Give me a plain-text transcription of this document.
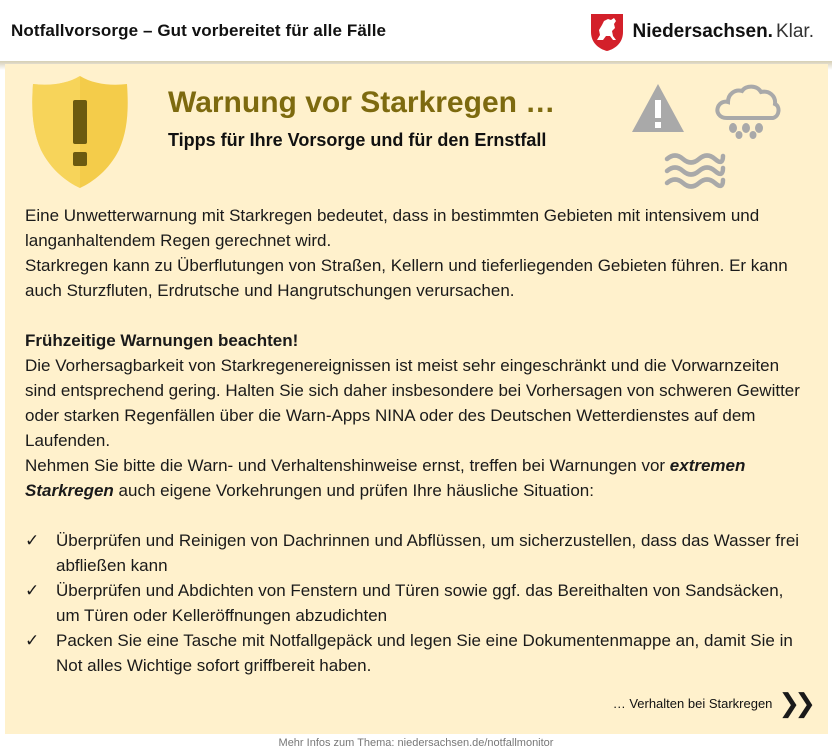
Notfallvorsorge – Gut vorbereitet für alle Fälle	Niedersachsen. Klar.
Warnung vor Starkregen …
Tipps für Ihre Vorsorge und für den Ernstfall

Eine Unwetterwarnung mit Starkregen bedeutet, dass in bestimmten Gebieten mit intensivem und langanhaltendem Regen gerechnet wird.

Starkregen kann zu Überflutungen von Straßen, Kellern und tieferliegenden Gebieten führen. Er kann auch Sturzfluten, Erdrutsche und Hangrutschungen verursachen.

Frühzeitige Warnungen beachten!

Die Vorhersagbarkeit von Starkregenereignissen ist meist sehr eingeschränkt und die Vorwarnzeiten sind entsprechend gering. Halten Sie sich daher insbesondere bei Vorhersagen von schweren Gewitter oder starken Regenfällen über die Warn-Apps NINA oder des Deutschen Wetterdienstes auf dem Laufenden.

Nehmen Sie bitte die Warn- und Verhaltenshinweise ernst, treffen bei Warnungen vor extremen Starkregen auch eigene Vorkehrungen und prüfen Ihre häusliche Situation:

✓ Überprüfen und Reinigen von Dachrinnen und Abflüssen, um sicherzustellen, dass das Wasser frei abfließen kann
✓ Überprüfen und Abdichten von Fenstern und Türen sowie ggf. das Bereithalten von Sandsäcken, um Türen oder Kelleröffnungen abzudichten
✓ Packen Sie eine Tasche mit Notfallgepäck und legen Sie eine Dokumentenmappe an, damit Sie in Not alles Wichtige sofort griffbereit haben.
… Verhalten bei Starkregen ❯❯
Mehr Infos zum Thema: niedersachsen.de/notfallmonitor
